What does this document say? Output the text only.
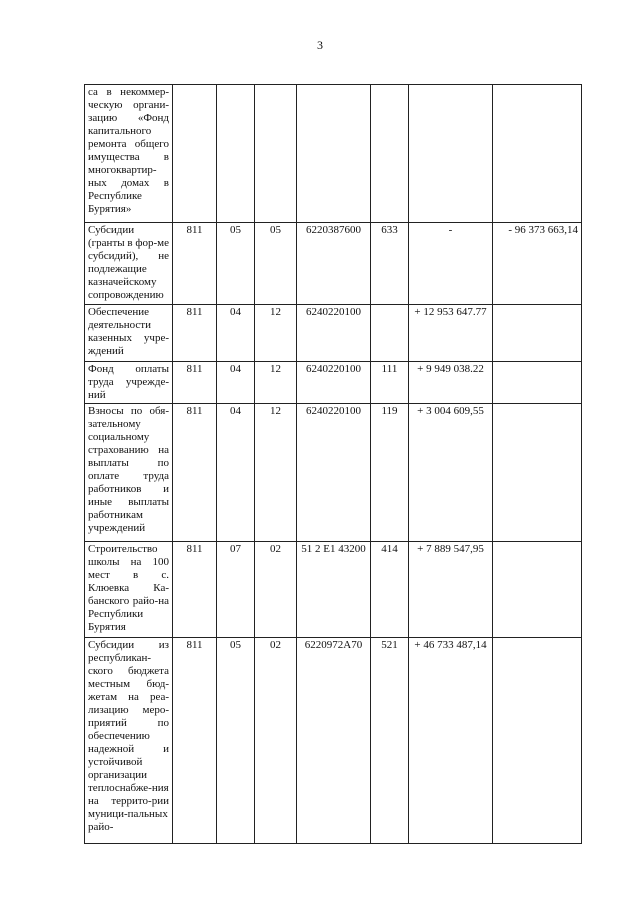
3
са в некоммер-ческую органи-зацию «Фонд капитального ремонта общего имущества в многоквартир-ных домах в Республике Бурятия»							
Субсидии (гранты в фор-ме субсидий), не подлежащие казначейскому сопровождению	811	05	05	6220387600	633	-	- 96 373 663,14
Обеспечение деятельности казенных учре-ждений	811	04	12	6240220100		+ 12 953 647.77	
Фонд оплаты труда учрежде-ний	811	04	12	6240220100	111	+ 9 949 038.22	
Взносы по обя-зательному социальному страхованию на выплаты по оплате труда работников и иные выплаты работникам учреждений	811	04	12	6240220100	119	+ 3 004 609,55	
Строительство школы на 100 мест в с. Клюевка Ка-банского райо-на Республики Бурятия	811	07	02	51 2 E1 43200	414	+ 7 889 547,95	
Субсидии из республикан-ского бюджета местным бюд-жетам на реа-лизацию меро-приятий по обеспечению надежной и устойчивой организации теплоснабже-ния на террито-рии муници-пальных райо-	811	05	02	6220972A70	521	+ 46 733 487,14	
